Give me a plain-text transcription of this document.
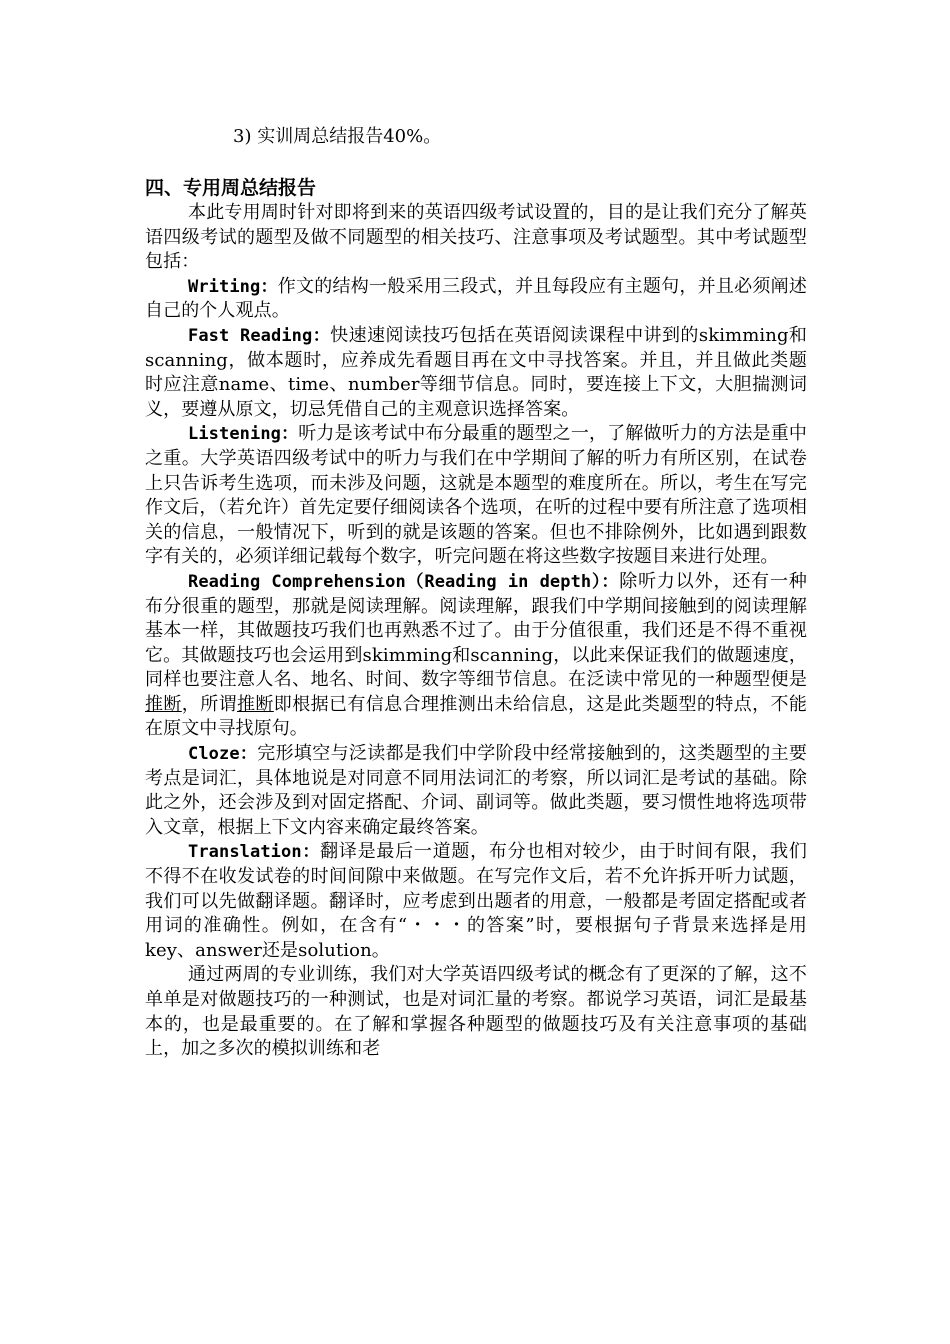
3) 实训周总结报告40%。

四、专用周总结报告

本此专用周时针对即将到来的英语四级考试设置的，目的是让我们充分了解英语四级考试的题型及做不同题型的相关技巧、注意事项及考试题型。其中考试题型包括：

Writing：作文的结构一般采用三段式，并且每段应有主题句，并且必须阐述自己的个人观点。

Fast Reading：快速速阅读技巧包括在英语阅读课程中讲到的skimming和scanning，做本题时，应养成先看题目再在文中寻找答案。并且，并且做此类题时应注意name、time、number等细节信息。同时，要连接上下文，大胆揣测词义，要遵从原文，切忌凭借自己的主观意识选择答案。

Listening：听力是该考试中布分最重的题型之一，了解做听力的方法是重中之重。大学英语四级考试中的听力与我们在中学期间了解的听力有所区别，在试卷上只告诉考生选项，而未涉及问题，这就是本题型的难度所在。所以，考生在写完作文后，（若允许）首先定要仔细阅读各个选项，在听的过程中要有所注意了选项相关的信息，一般情况下，听到的就是该题的答案。但也不排除例外，比如遇到跟数字有关的，必须详细记载每个数字，听完问题在将这些数字按题目来进行处理。

Reading Comprehension（Reading in depth）：除听力以外，还有一种布分很重的题型，那就是阅读理解。阅读理解，跟我们中学期间接触到的阅读理解基本一样，其做题技巧我们也再熟悉不过了。由于分值很重，我们还是不得不重视它。其做题技巧也会运用到skimming和scanning，以此来保证我们的做题速度，同样也要注意人名、地名、时间、数字等细节信息。在泛读中常见的一种题型便是推断，所谓推断即根据已有信息合理推测出未给信息，这是此类题型的特点，不能在原文中寻找原句。

Cloze：完形填空与泛读都是我们中学阶段中经常接触到的，这类题型的主要考点是词汇，具体地说是对同意不同用法词汇的考察，所以词汇是考试的基础。除此之外，还会涉及到对固定搭配、介词、副词等。做此类题，要习惯性地将选项带入文章，根据上下文内容来确定最终答案。

Translation：翻译是最后一道题，布分也相对较少，由于时间有限，我们不得不在收发试卷的时间间隙中来做题。在写完作文后，若不允许拆开听力试题，我们可以先做翻译题。翻译时，应考虑到出题者的用意，一般都是考固定搭配或者用词的准确性。例如，在含有“・・・的答案”时，要根据句子背景来选择是用key、answer还是solution。

通过两周的专业训练，我们对大学英语四级考试的概念有了更深的了解，这不单单是对做题技巧的一种测试，也是对词汇量的考察。都说学习英语，词汇是最基本的，也是最重要的。在了解和掌握各种题型的做题技巧及有关注意事项的基础上，加之多次的模拟训练和老
